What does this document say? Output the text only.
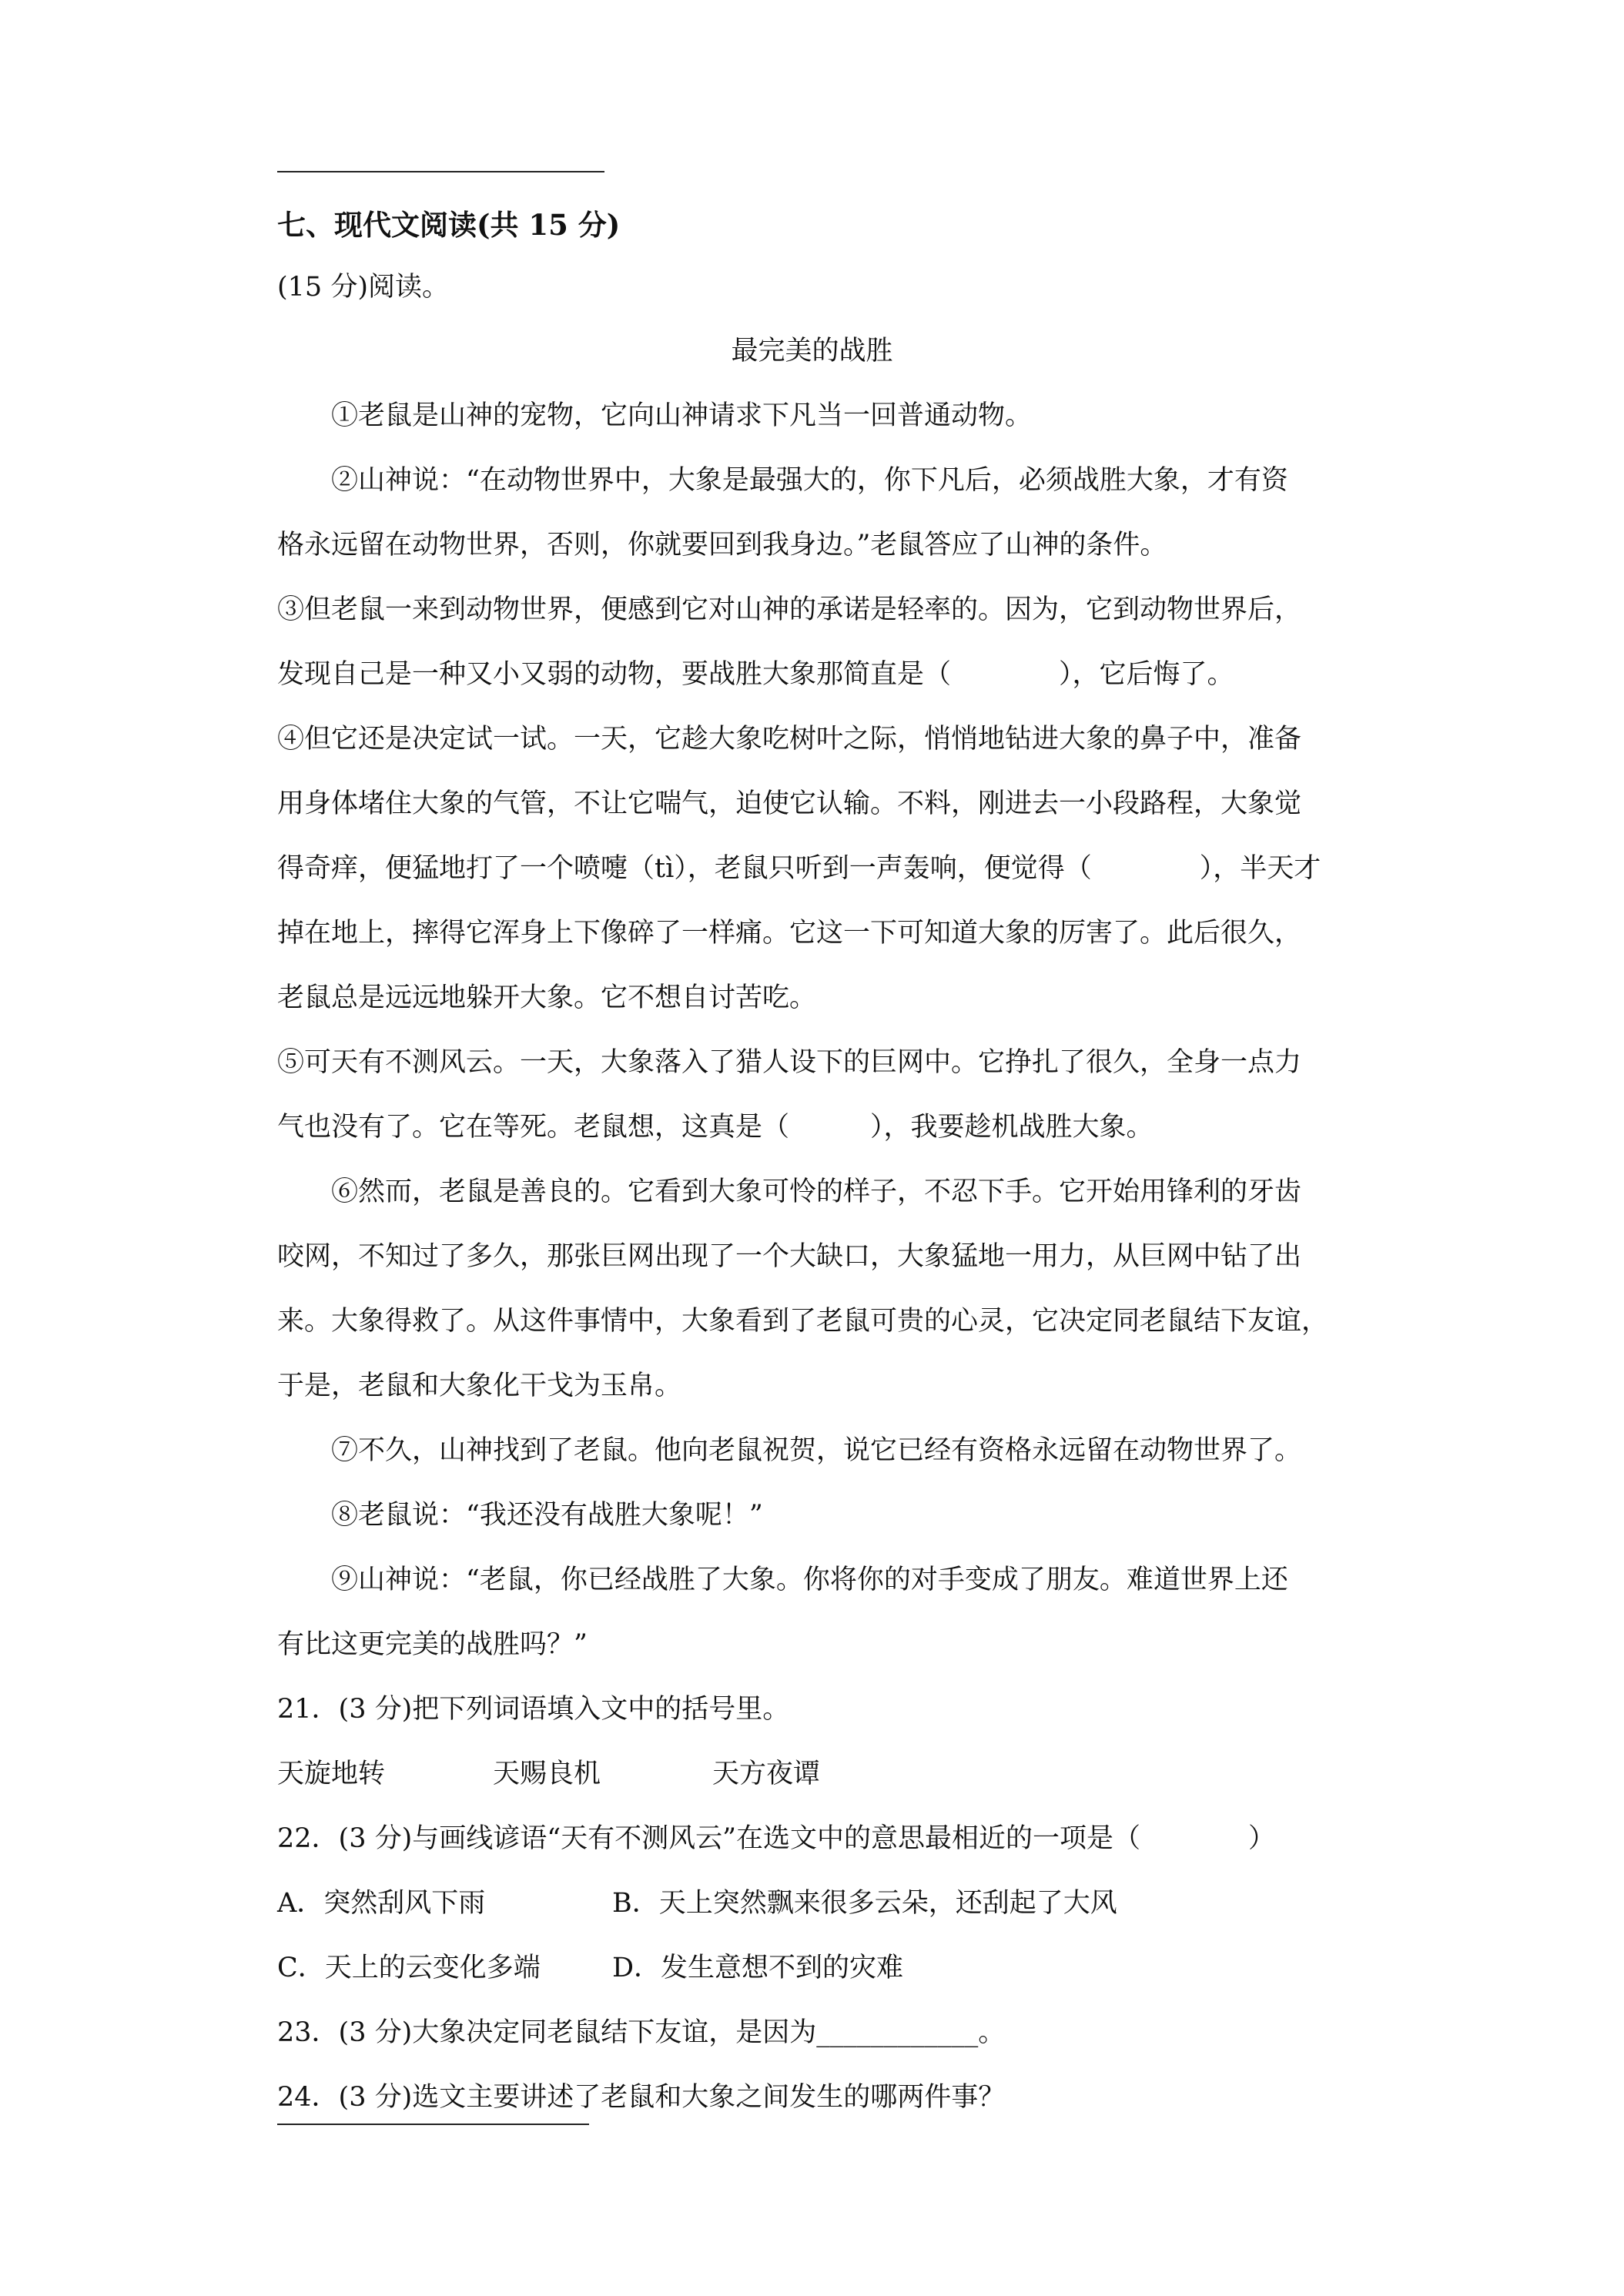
七、现代文阅读(共 15 分)
(15 分)阅读。
最完美的战胜
①老鼠是山神的宠物，它向山神请求下凡当一回普通动物。
②山神说：“在动物世界中，大象是最强大的，你下凡后，必须战胜大象，才有资
格永远留在动物世界，否则，你就要回到我身边。”老鼠答应了山神的条件。
③但老鼠一来到动物世界，便感到它对山神的承诺是轻率的。因为，它到动物世界后，
发现自己是一种又小又弱的动物，要战胜大象那简直是（　　　　），它后悔了。
④但它还是决定试一试。一天，它趁大象吃树叶之际，悄悄地钻进大象的鼻子中，准备
用身体堵住大象的气管，不让它喘气，迫使它认输。不料，刚进去一小段路程，大象觉
得奇痒，便猛地打了一个喷嚏（tì），老鼠只听到一声轰响，便觉得（　　　　），半天才
掉在地上，摔得它浑身上下像碎了一样痛。它这一下可知道大象的厉害了。此后很久，
老鼠总是远远地躲开大象。它不想自讨苦吃。
⑤可天有不测风云。一天，大象落入了猎人设下的巨网中。它挣扎了很久，全身一点力
气也没有了。它在等死。老鼠想，这真是（　　　），我要趁机战胜大象。
⑥然而，老鼠是善良的。它看到大象可怜的样子，不忍下手。它开始用锋利的牙齿
咬网，不知过了多久，那张巨网出现了一个大缺口，大象猛地一用力，从巨网中钻了出
来。大象得救了。从这件事情中，大象看到了老鼠可贵的心灵，它决定同老鼠结下友谊，
于是，老鼠和大象化干戈为玉帛。
⑦不久，山神找到了老鼠。他向老鼠祝贺，说它已经有资格永远留在动物世界了。
⑧老鼠说：“我还没有战胜大象呢！”
⑨山神说：“老鼠，你已经战胜了大象。你将你的对手变成了朋友。难道世界上还
有比这更完美的战胜吗？”
21．(3 分)把下列词语填入文中的括号里。
天旋地转	天赐良机	天方夜谭
22．(3 分)与画线谚语“天有不测风云”在选文中的意思最相近的一项是（　　　　）
A．突然刮风下雨	B．天上突然飘来很多云朵，还刮起了大风
C．天上的云变化多端	D．发生意想不到的灾难
23．(3 分)大象决定同老鼠结下友谊，是因为____________。
24．(3 分)选文主要讲述了老鼠和大象之间发生的哪两件事？
